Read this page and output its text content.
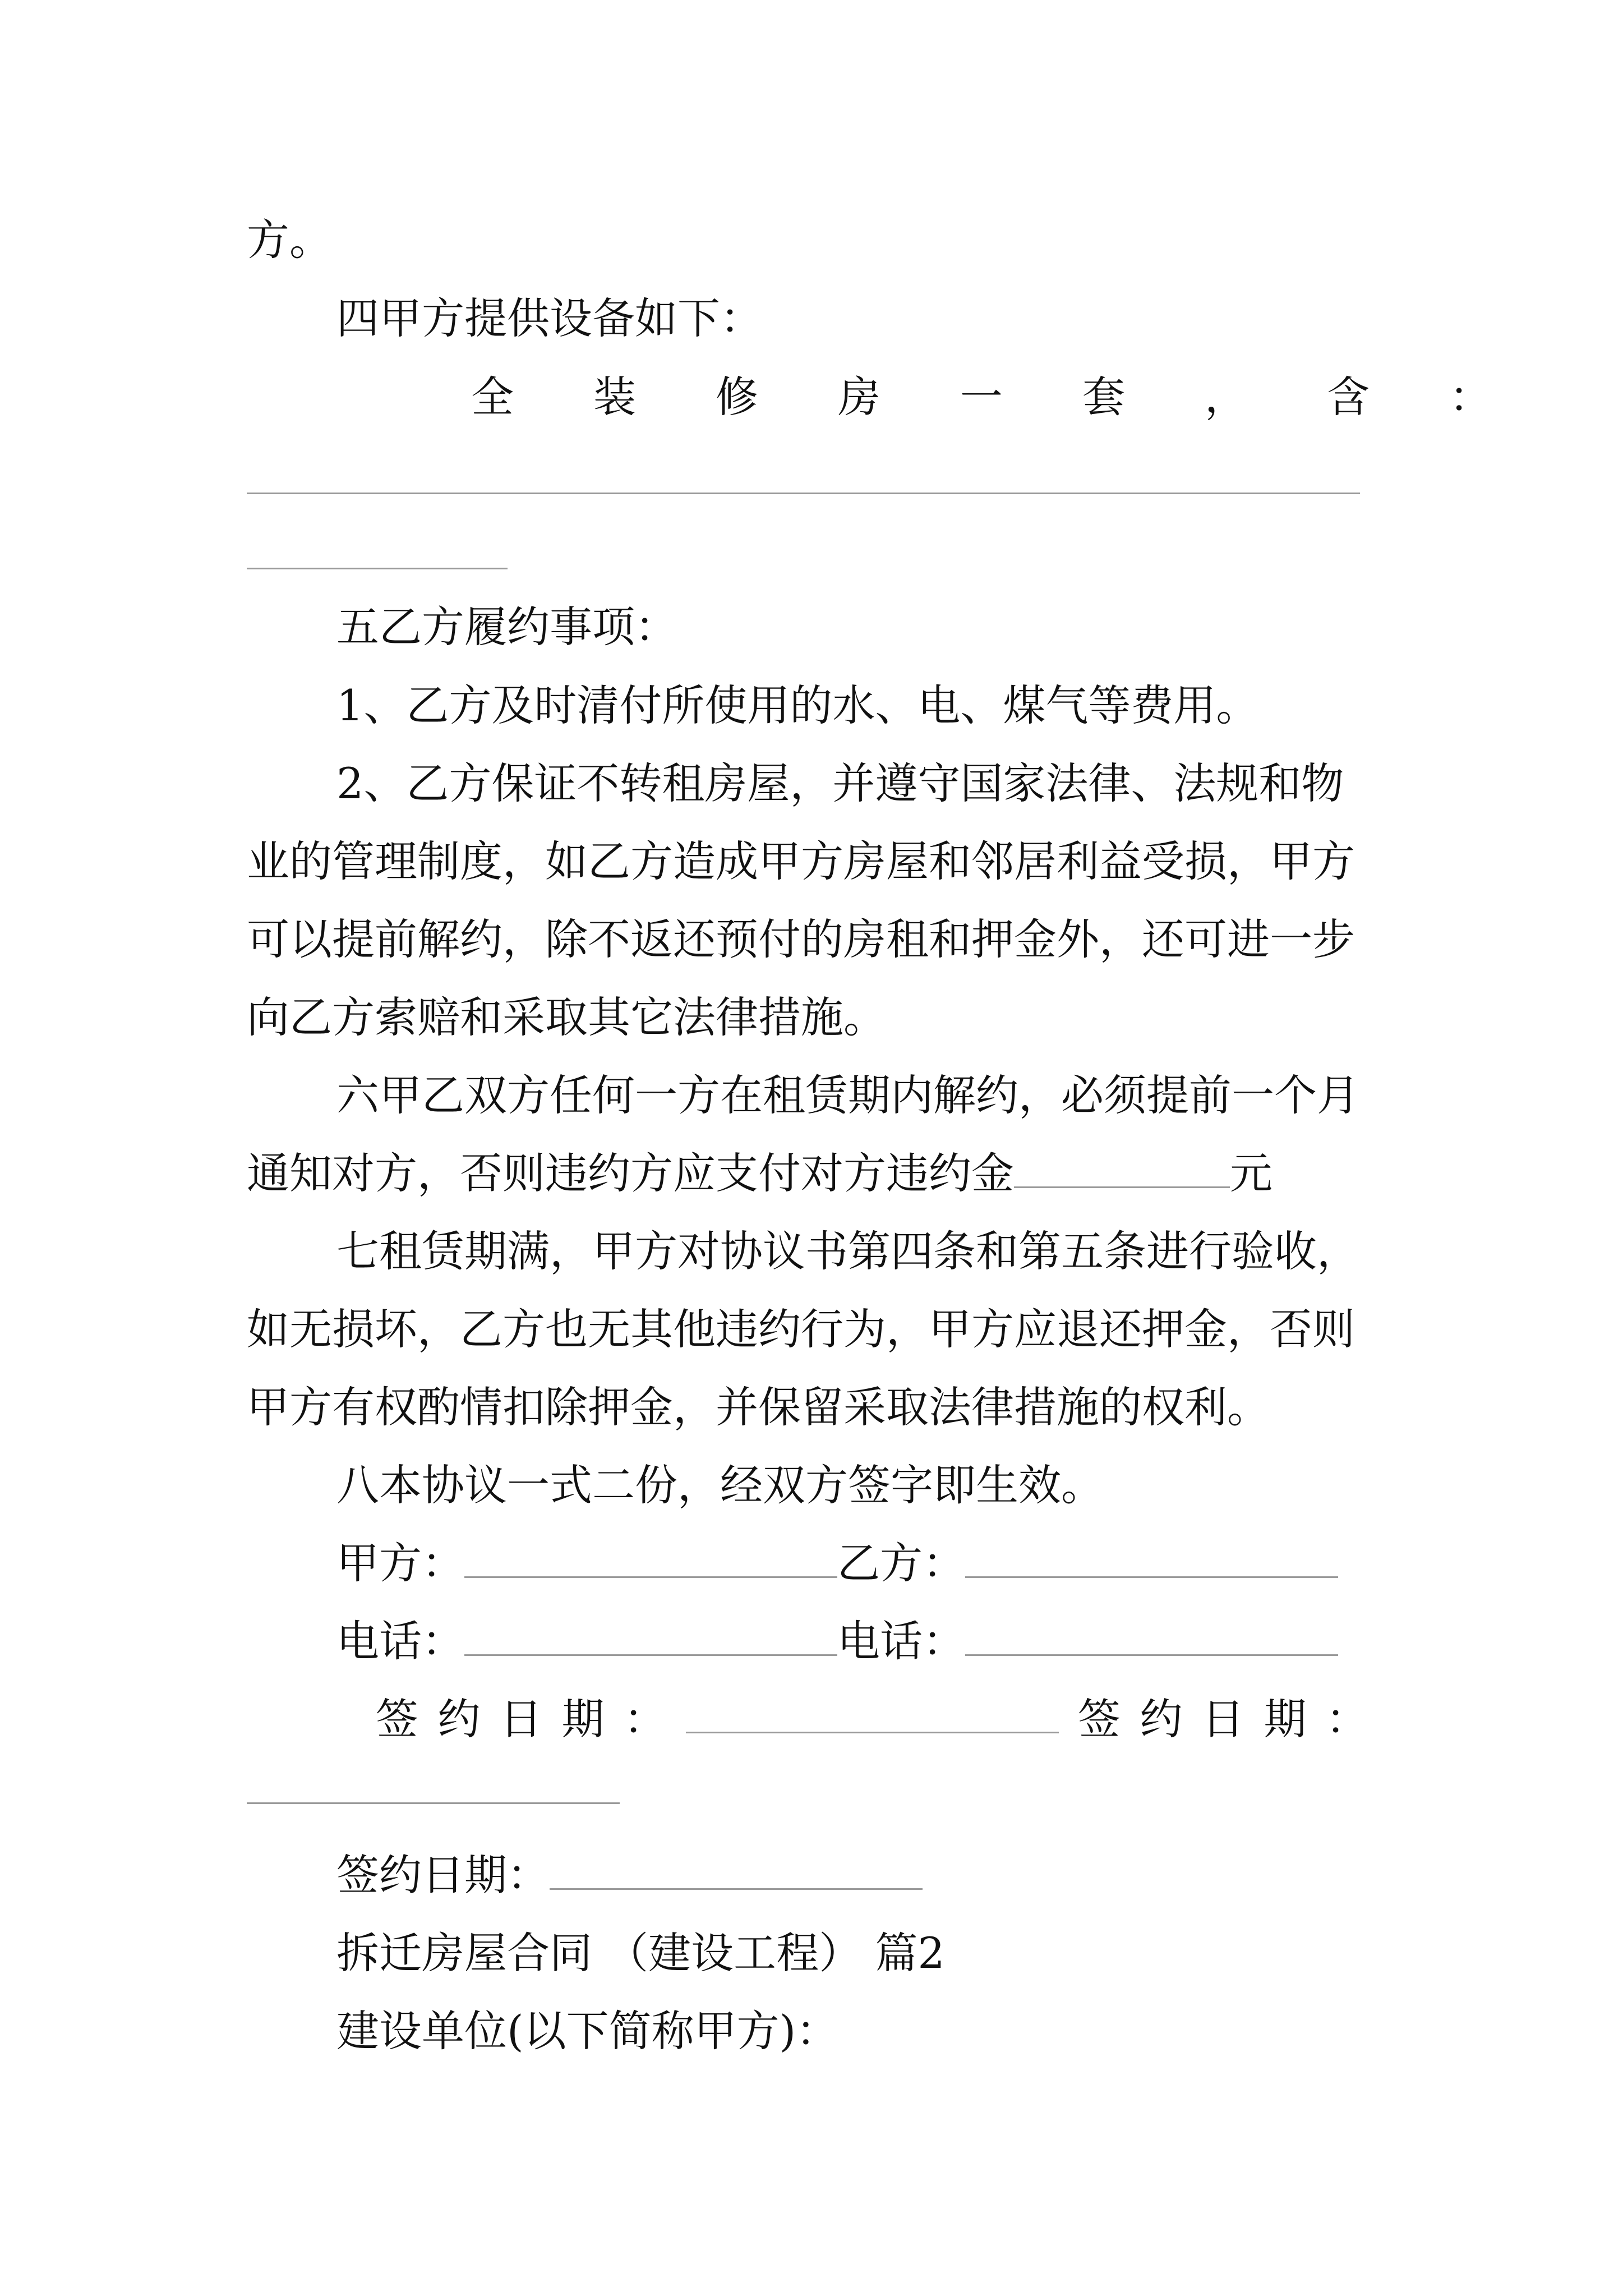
方。
四甲方提供设备如下：
全 装 修 房 一 套 ， 含 ：
五乙方履约事项：
1、乙方及时清付所使用的水、电、煤气等费用。
2、乙方保证不转租房屋，并遵守国家法律、法规和物
业的管理制度，如乙方造成甲方房屋和邻居利益受损，甲方
可以提前解约，除不返还预付的房租和押金外，还可进一步
向乙方索赔和采取其它法律措施。
六甲乙双方任何一方在租赁期内解约，必须提前一个月
通知对方，否则违约方应支付对方违约金	元
七租赁期满，甲方对协议书第四条和第五条进行验收，
如无损坏，乙方也无其他违约行为，甲方应退还押金，否则
甲方有权酌情扣除押金，并保留采取法律措施的权利。
八本协议一式二份，经双方签字即生效。
甲方：	乙方：
电话：	电话：
签 约 日 期 ：	签 约 日 期 ：
签约日期：
拆迁房屋合同 （建设工程） 篇2
建设单位(以下简称甲方)：
